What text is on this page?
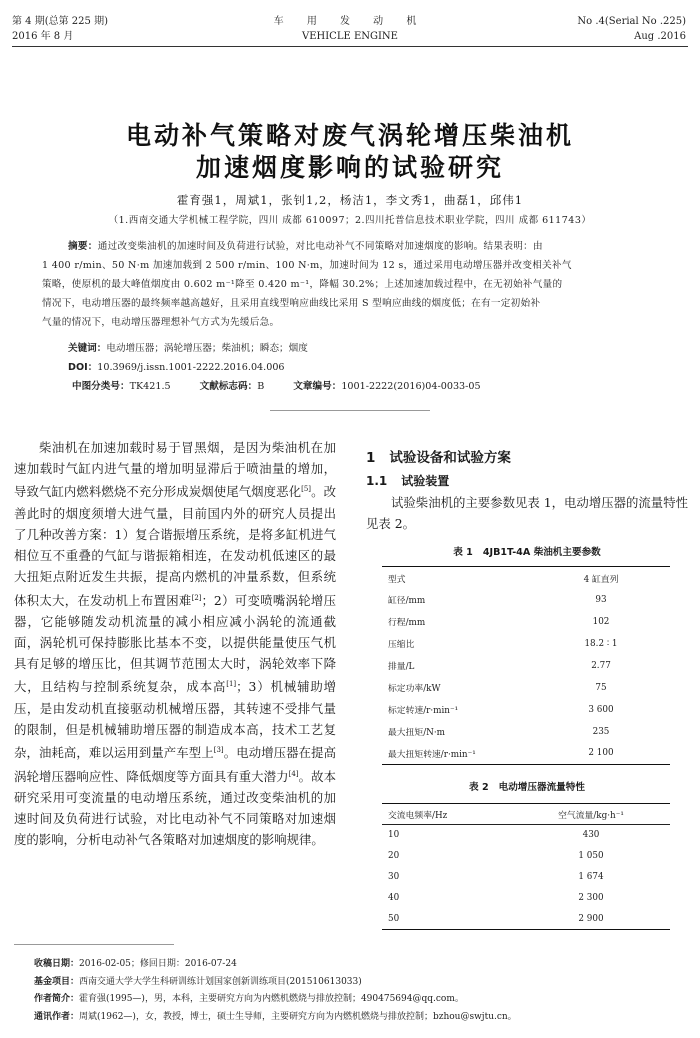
第 4 期(总第 225 期)
2016 年 8 月
车 用 发 动 机
VEHICLE ENGINE
No .4(Serial No .225)
Aug .2016
电动补气策略对废气涡轮增压柴油机
加速烟度影响的试验研究
霍育强1，周斌1，张钊1,2，杨洁1，李文秀1，曲磊1，邱伟1
（1.西南交通大学机械工程学院，四川 成都 610097；2.四川托普信息技术职业学院，四川 成都 611743）
摘要：通过改变柴油机的加速时间及负荷进行试验，对比电动补气不同策略对加速烟度的影响。结果表明：由
1 400 r/min、50 N·m 加速加载到 2 500 r/min、100 N·m，加速时间为 12 s，通过采用电动增压器并改变相关补气
策略，使原机的最大峰值烟度由 0.602 m⁻¹降至 0.420 m⁻¹，降幅 30.2%；上述加速加载过程中，在无初始补气量的
情况下，电动增压器的最终频率越高越好，且采用直线型响应曲线比采用 S 型响应曲线的烟度低；在有一定初始补
气量的情况下，电动增压器理想补气方式为先缓后急。
关键词：电动增压器；涡轮增压器；柴油机；瞬态；烟度
DOI：10.3969/j.issn.1001-2222.2016.04.006
中图分类号：TK421.5	文献标志码：B	文章编号：1001-2222(2016)04-0033-05

柴油机在加速加载时易于冒黑烟，是因为柴油机在加速加载时气缸内进气量的增加明显滞后于喷油量的增加，导致气缸内燃料燃烧不充分形成炭烟使尾气烟度恶化[5]。改善此时的烟度须增大进气量，目前国内外的研究人员提出了几种改善方案：1）复合谐振增压系统，是将多缸机进气相位互不重叠的气缸与谐振箱相连，在发动机低速区的最大扭矩点附近发生共振，提高内燃机的冲量系数，但系统体积太大，在发动机上布置困难[2]；2）可变喷嘴涡轮增压器，它能够随发动机流量的减小相应减小涡轮的流通截面，涡轮机可保持膨胀比基本不变，以提供能量使压气机具有足够的增压比，但其调节范围太大时，涡轮效率下降大，且结构与控制系统复杂，成本高[1]；3）机械辅助增压，是由发动机直接驱动机械增压器，其转速不受排气量的限制，但是机械辅助增压器的制造成本高，技术工艺复杂，油耗高，难以运用到量产车型上[3]。电动增压器在提高涡轮增压器响应性、降低烟度等方面具有重大潜力[4]。故本研究采用可变流量的电动增压系统，通过改变柴油机的加速时间及负荷进行试验，对比电动补气不同策略对加速烟度的影响，分析电动补气各策略对加速烟度的影响规律。

1 试验设备和试验方案
1.1 试验装置

试验柴油机的主要参数见表 1，电动增压器的流量特性见表 2。

表 1 4JB1T-4A 柴油机主要参数
型式	4 缸直列
缸径/mm	93
行程/mm	102
压缩比	18.2 ∶ 1
排量/L	2.77
标定功率/kW	75
标定转速/r·min⁻¹	3 600
最大扭矩/N·m	235
最大扭矩转速/r·min⁻¹	2 100
表 2 电动增压器流量特性
交流电频率/Hz	空气流量/kg·h⁻¹
10	430
20	1 050
30	1 674
40	2 300
50	2 900
收稿日期：2016-02-05；修回日期：2016-07-24
基金项目：西南交通大学大学生科研训练计划国家创新训练项目(201510613033)
作者简介：霍育强(1995—)，男，本科，主要研究方向为内燃机燃烧与排放控制；490475694@qq.com。
通讯作者：周斌(1962—)，女，教授，博士，硕士生导师，主要研究方向为内燃机燃烧与排放控制；bzhou@swjtu.cn。
